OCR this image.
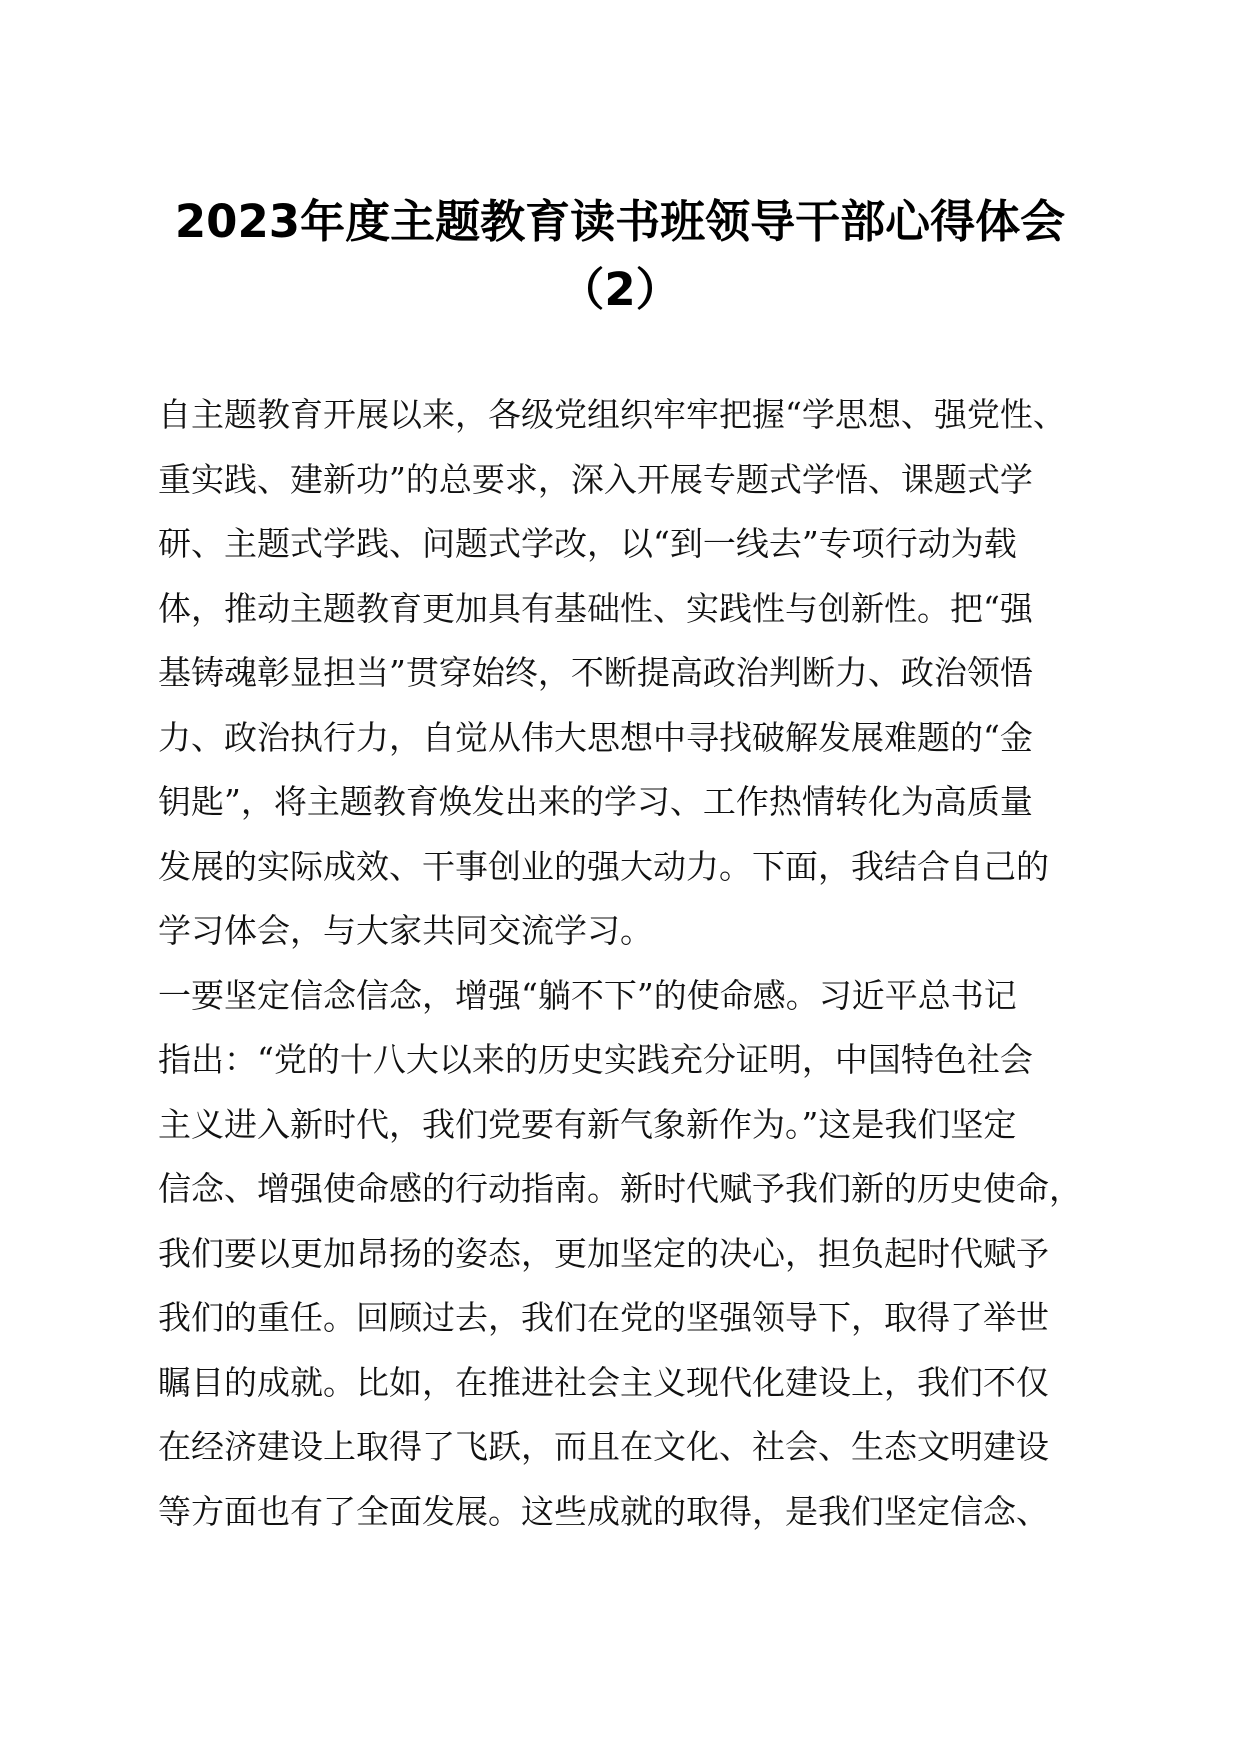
2023年度主题教育读书班领导干部心得体会
（2）
自主题教育开展以来，各级党组织牢牢把握“学思想、强党性、
重实践、建新功”的总要求，深入开展专题式学悟、课题式学
研、主题式学践、问题式学改，以“到一线去”专项行动为载
体，推动主题教育更加具有基础性、实践性与创新性。把“强
基铸魂彰显担当”贯穿始终，不断提高政治判断力、政治领悟
力、政治执行力，自觉从伟大思想中寻找破解发展难题的“金
钥匙”，将主题教育焕发出来的学习、工作热情转化为高质量
发展的实际成效、干事创业的强大动力。下面，我结合自己的
学习体会，与大家共同交流学习。
一要坚定信念信念，增强“躺不下”的使命感。习近平总书记
指出：“党的十八大以来的历史实践充分证明，中国特色社会
主义进入新时代，我们党要有新气象新作为。”这是我们坚定
信念、增强使命感的行动指南。新时代赋予我们新的历史使命，
我们要以更加昂扬的姿态，更加坚定的决心，担负起时代赋予
我们的重任。回顾过去，我们在党的坚强领导下，取得了举世
瞩目的成就。比如，在推进社会主义现代化建设上，我们不仅
在经济建设上取得了飞跃，而且在文化、社会、生态文明建设
等方面也有了全面发展。这些成就的取得，是我们坚定信念、
